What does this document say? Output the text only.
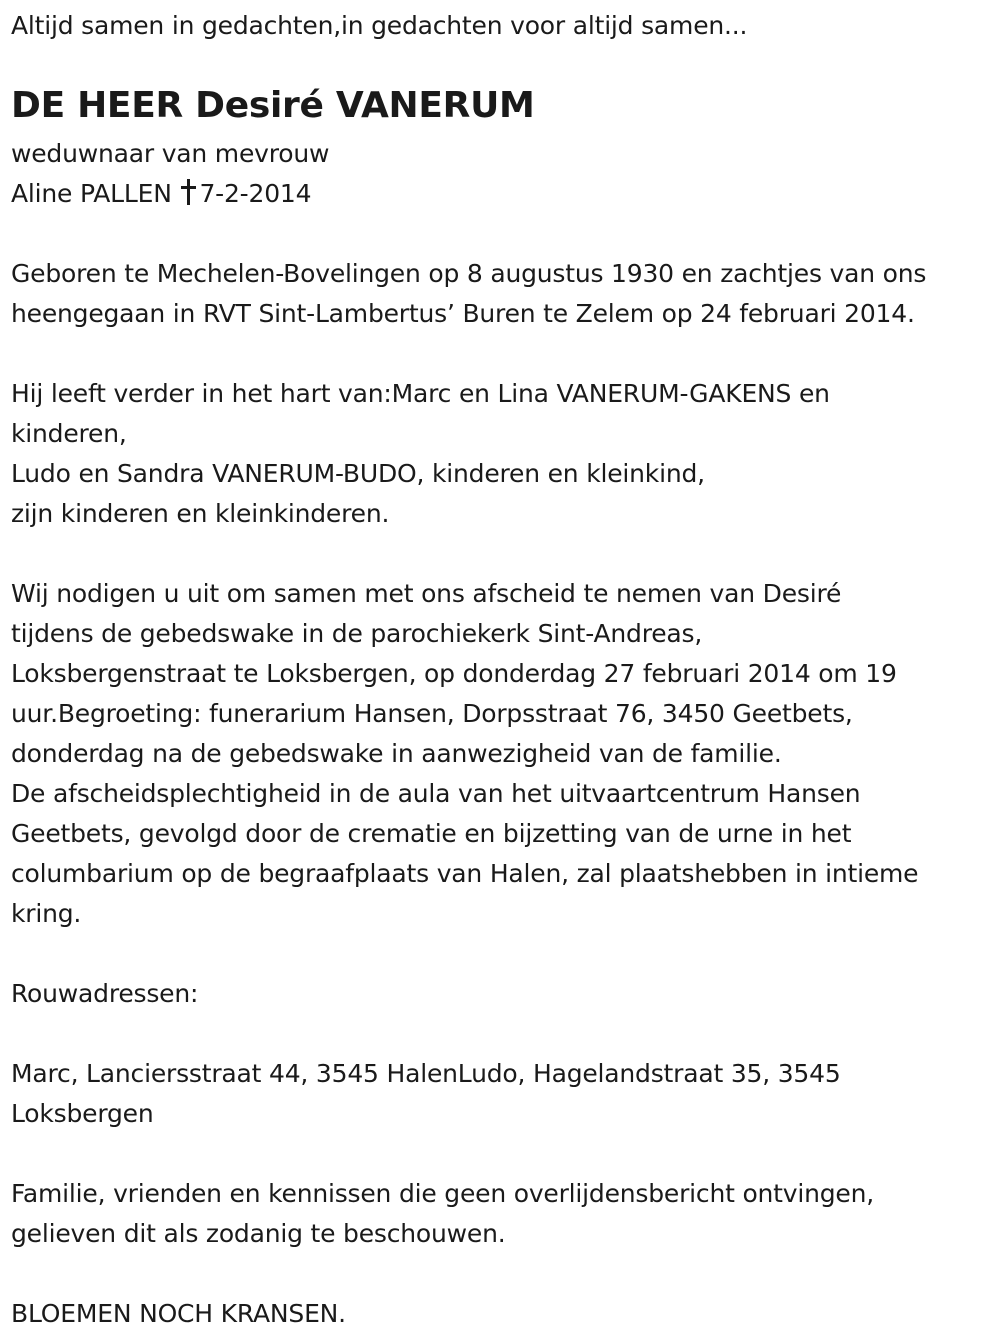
Altijd samen in gedachten,in gedachten voor altijd samen...
DE HEER Desiré VANERUM
weduwnaar van mevrouw
Aline PALLEN 7-2-2014
Geboren te Mechelen-Bovelingen op 8 augustus 1930 en zachtjes van ons
heengegaan in RVT Sint-Lambertus’ Buren te Zelem op 24 februari 2014.
Hij leeft verder in het hart van:Marc en Lina VANERUM-GAKENS en
kinderen,
Ludo en Sandra VANERUM-BUDO, kinderen en kleinkind,
zijn kinderen en kleinkinderen.
Wij nodigen u uit om samen met ons afscheid te nemen van Desiré
tijdens de gebedswake in de parochiekerk Sint-Andreas,
Loksbergenstraat te Loksbergen, op donderdag 27 februari 2014 om 19
uur.Begroeting: funerarium Hansen, Dorpsstraat 76, 3450 Geetbets,
donderdag na de gebedswake in aanwezigheid van de familie.
De afscheidsplechtigheid in de aula van het uitvaartcentrum Hansen
Geetbets, gevolgd door de crematie en bijzetting van de urne in het
columbarium op de begraafplaats van Halen, zal plaatshebben in intieme
kring.
Rouwadressen:
Marc, Lanciersstraat 44, 3545 HalenLudo, Hagelandstraat 35, 3545
Loksbergen
Familie, vrienden en kennissen die geen overlijdensbericht ontvingen,
gelieven dit als zodanig te beschouwen.
BLOEMEN NOCH KRANSEN.
